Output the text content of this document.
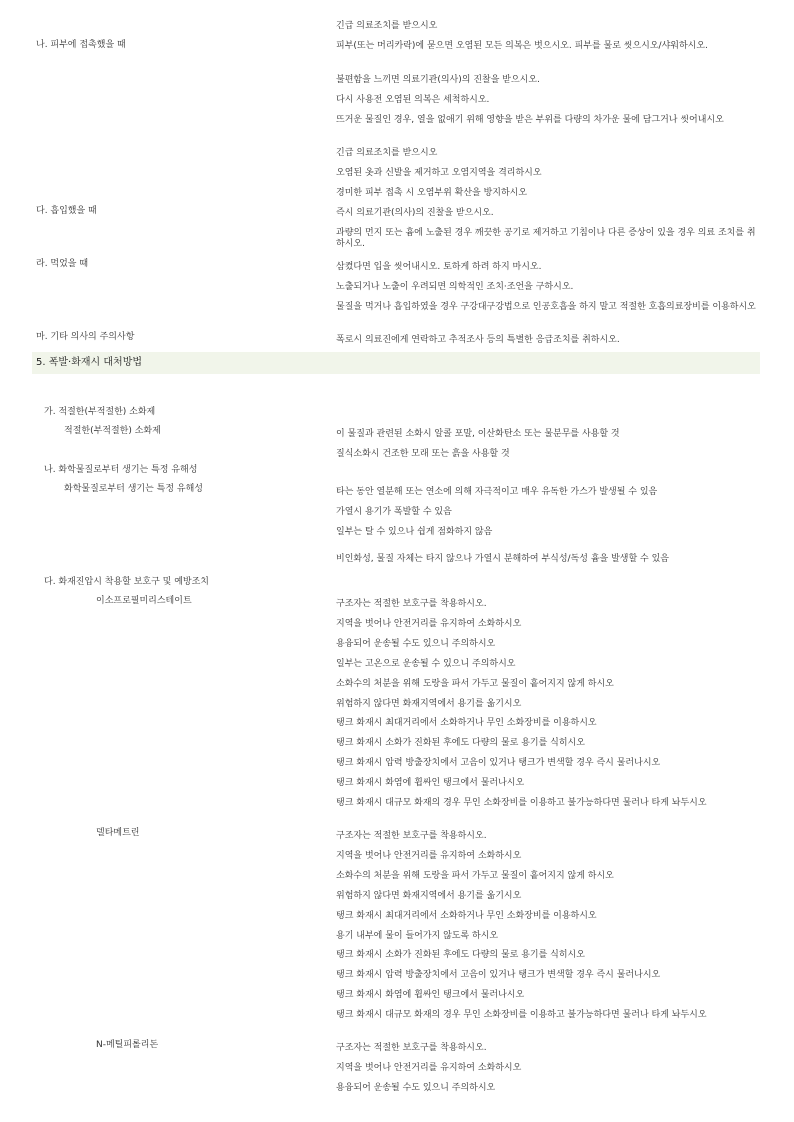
긴급 의료조치를 받으시오
나. 피부에 접촉했을 때	피부(또는 머리카락)에 묻으면 오염된 모든 의복은 벗으시오. 피부를 물로 씻으시오/샤워하시오.
불편함을 느끼면 의료기관(의사)의 진찰을 받으시오.
다시 사용전 오염된 의복은 세척하시오.
뜨거운 물질인 경우, 열을 없애기 위해 영향을 받은 부위를 다량의 차가운 물에 담그거나 씻어내시오
긴급 의료조치를 받으시오
오염된 옷과 신발을 제거하고 오염지역을 격리하시오
경미한 피부 접촉 시 오염부위 확산을 방지하시오
다. 흡입했을 때	즉시 의료기관(의사)의 진찰을 받으시오.
과량의 먼지 또는 흄에 노출된 경우 깨끗한 공기로 제거하고 기침이나 다른 증상이 있을 경우 의료 조치를 취하시오.
라. 먹었을 때	삼켰다면 입을 씻어내시오. 토하게 하려 하지 마시오.
노출되거나 노출이 우려되면 의학적인 조치·조언을 구하시오.
물질을 먹거나 흡입하였을 경우 구강대구강법으로 인공호흡을 하지 말고 적절한 호흡의료장비를 이용하시오
마. 기타 의사의 주의사항	폭로시 의료진에게 연락하고 추적조사 등의 특별한 응급조치를 취하시오.
5. 폭발·화재시 대처방법
가. 적절한(부적절한) 소화제
적절한(부적절한) 소화제	이 물질과 관련된 소화시 알콜 포말, 이산화탄소 또는 물분무를 사용할 것
질식소화시 건조한 모래 또는 흙을 사용할 것
나. 화학물질로부터 생기는 특정 유해성
화학물질로부터 생기는 특정 유해성	타는 동안 열분해 또는 연소에 의해 자극적이고 매우 유독한 가스가 발생될 수 있음
가열시 용기가 폭발할 수 있음
일부는 탈 수 있으나 쉽게 점화하지 않음
비인화성, 물질 자체는 타지 않으나 가열시 분해하여 부식성/독성 흄을 발생할 수 있음
다. 화재진압시 착용할 보호구 및 예방조치
이소프로필미리스테이트	구조자는 적절한 보호구를 착용하시오.
지역을 벗어나 안전거리를 유지하여 소화하시오
용융되어 운송될 수도 있으니 주의하시오
일부는 고온으로 운송될 수 있으니 주의하시오
소화수의 처분을 위해 도랑을 파서 가두고 물질이 흩어지지 않게 하시오
위험하지 않다면 화재지역에서 용기를 옮기시오
탱크 화재시 최대거리에서 소화하거나 무인 소화장비를 이용하시오
탱크 화재시 소화가 진화된 후에도 다량의 물로 용기를 식히시오
탱크 화재시 압력 방출장치에서 고음이 있거나 탱크가 변색할 경우 즉시 물러나시오
탱크 화재시 화염에 휩싸인 탱크에서 물러나시오
탱크 화재시 대규모 화재의 경우 무인 소화장비를 이용하고 불가능하다면 물러나 타게 놔두시오
델타메트린	구조자는 적절한 보호구를 착용하시오.
지역을 벗어나 안전거리를 유지하여 소화하시오
소화수의 처분을 위해 도랑을 파서 가두고 물질이 흩어지지 않게 하시오
위험하지 않다면 화재지역에서 용기를 옮기시오
탱크 화재시 최대거리에서 소화하거나 무인 소화장비를 이용하시오
용기 내부에 물이 들어가지 않도록 하시오
탱크 화재시 소화가 진화된 후에도 다량의 물로 용기를 식히시오
탱크 화재시 압력 방출장치에서 고음이 있거나 탱크가 변색할 경우 즉시 물러나시오
탱크 화재시 화염에 휩싸인 탱크에서 물러나시오
탱크 화재시 대규모 화재의 경우 무인 소화장비를 이용하고 불가능하다면 물러나 타게 놔두시오
N-메틸피롤리돈	구조자는 적절한 보호구를 착용하시오.
지역을 벗어나 안전거리를 유지하여 소화하시오
용융되어 운송될 수도 있으니 주의하시오
